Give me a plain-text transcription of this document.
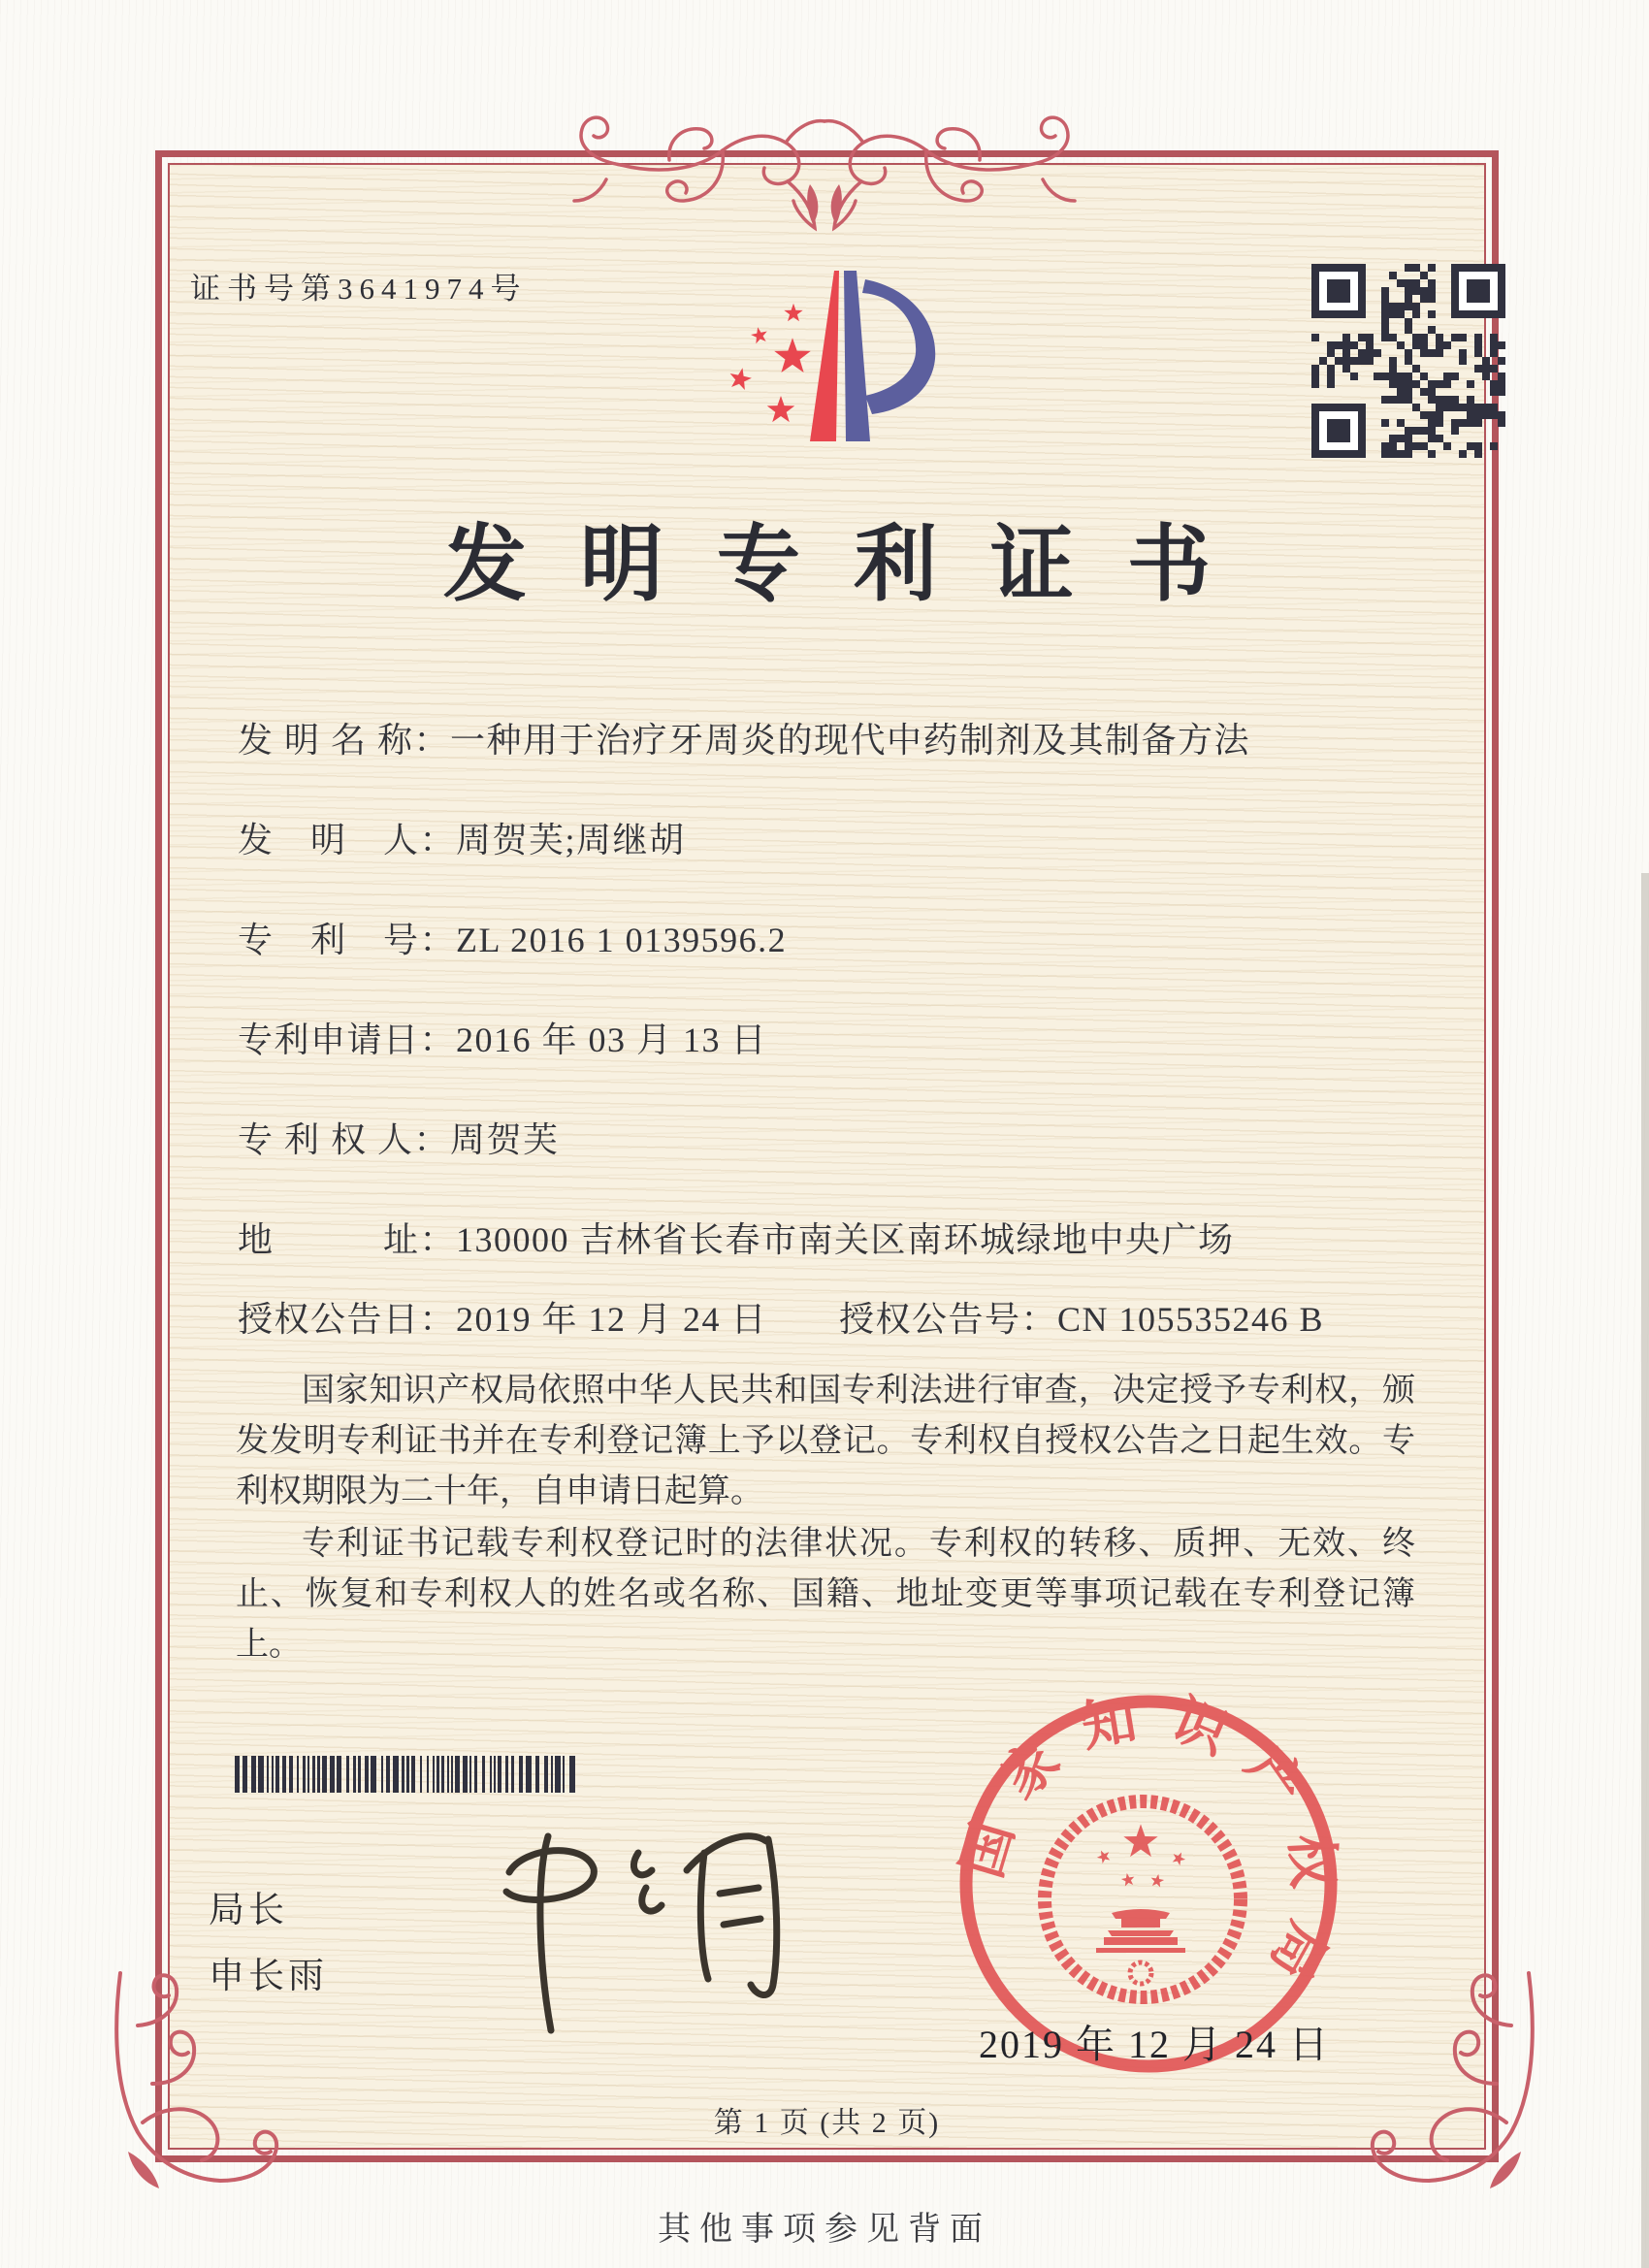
证书号第3641974号
发明专利证书
发 明 名 称：一种用于治疗牙周炎的现代中药制剂及其制备方法
发　明　人：周贺芙;周继胡
专　利　号：ZL 2016 1 0139596.2
专利申请日：2016 年 03 月 13 日
专 利 权 人：周贺芙
地　　　址：130000 吉林省长春市南关区南环城绿地中央广场
授权公告日：2019 年 12 月 24 日 授权公告号：CN 105535246 B

国家知识产权局依照中华人民共和国专利法进行审查，决定授予专利权，颁发发明专利证书并在专利登记簿上予以登记。专利权自授权公告之日起生效。专利权期限为二十年，自申请日起算。

专利证书记载专利权登记时的法律状况。专利权的转移、质押、无效、终止、恢复和专利权人的姓名或名称、国籍、地址变更等事项记载在专利登记簿上。

局长
申长雨
国家知识产权局
2019 年 12 月 24 日
第 1 页 (共 2 页)
其他事项参见背面
